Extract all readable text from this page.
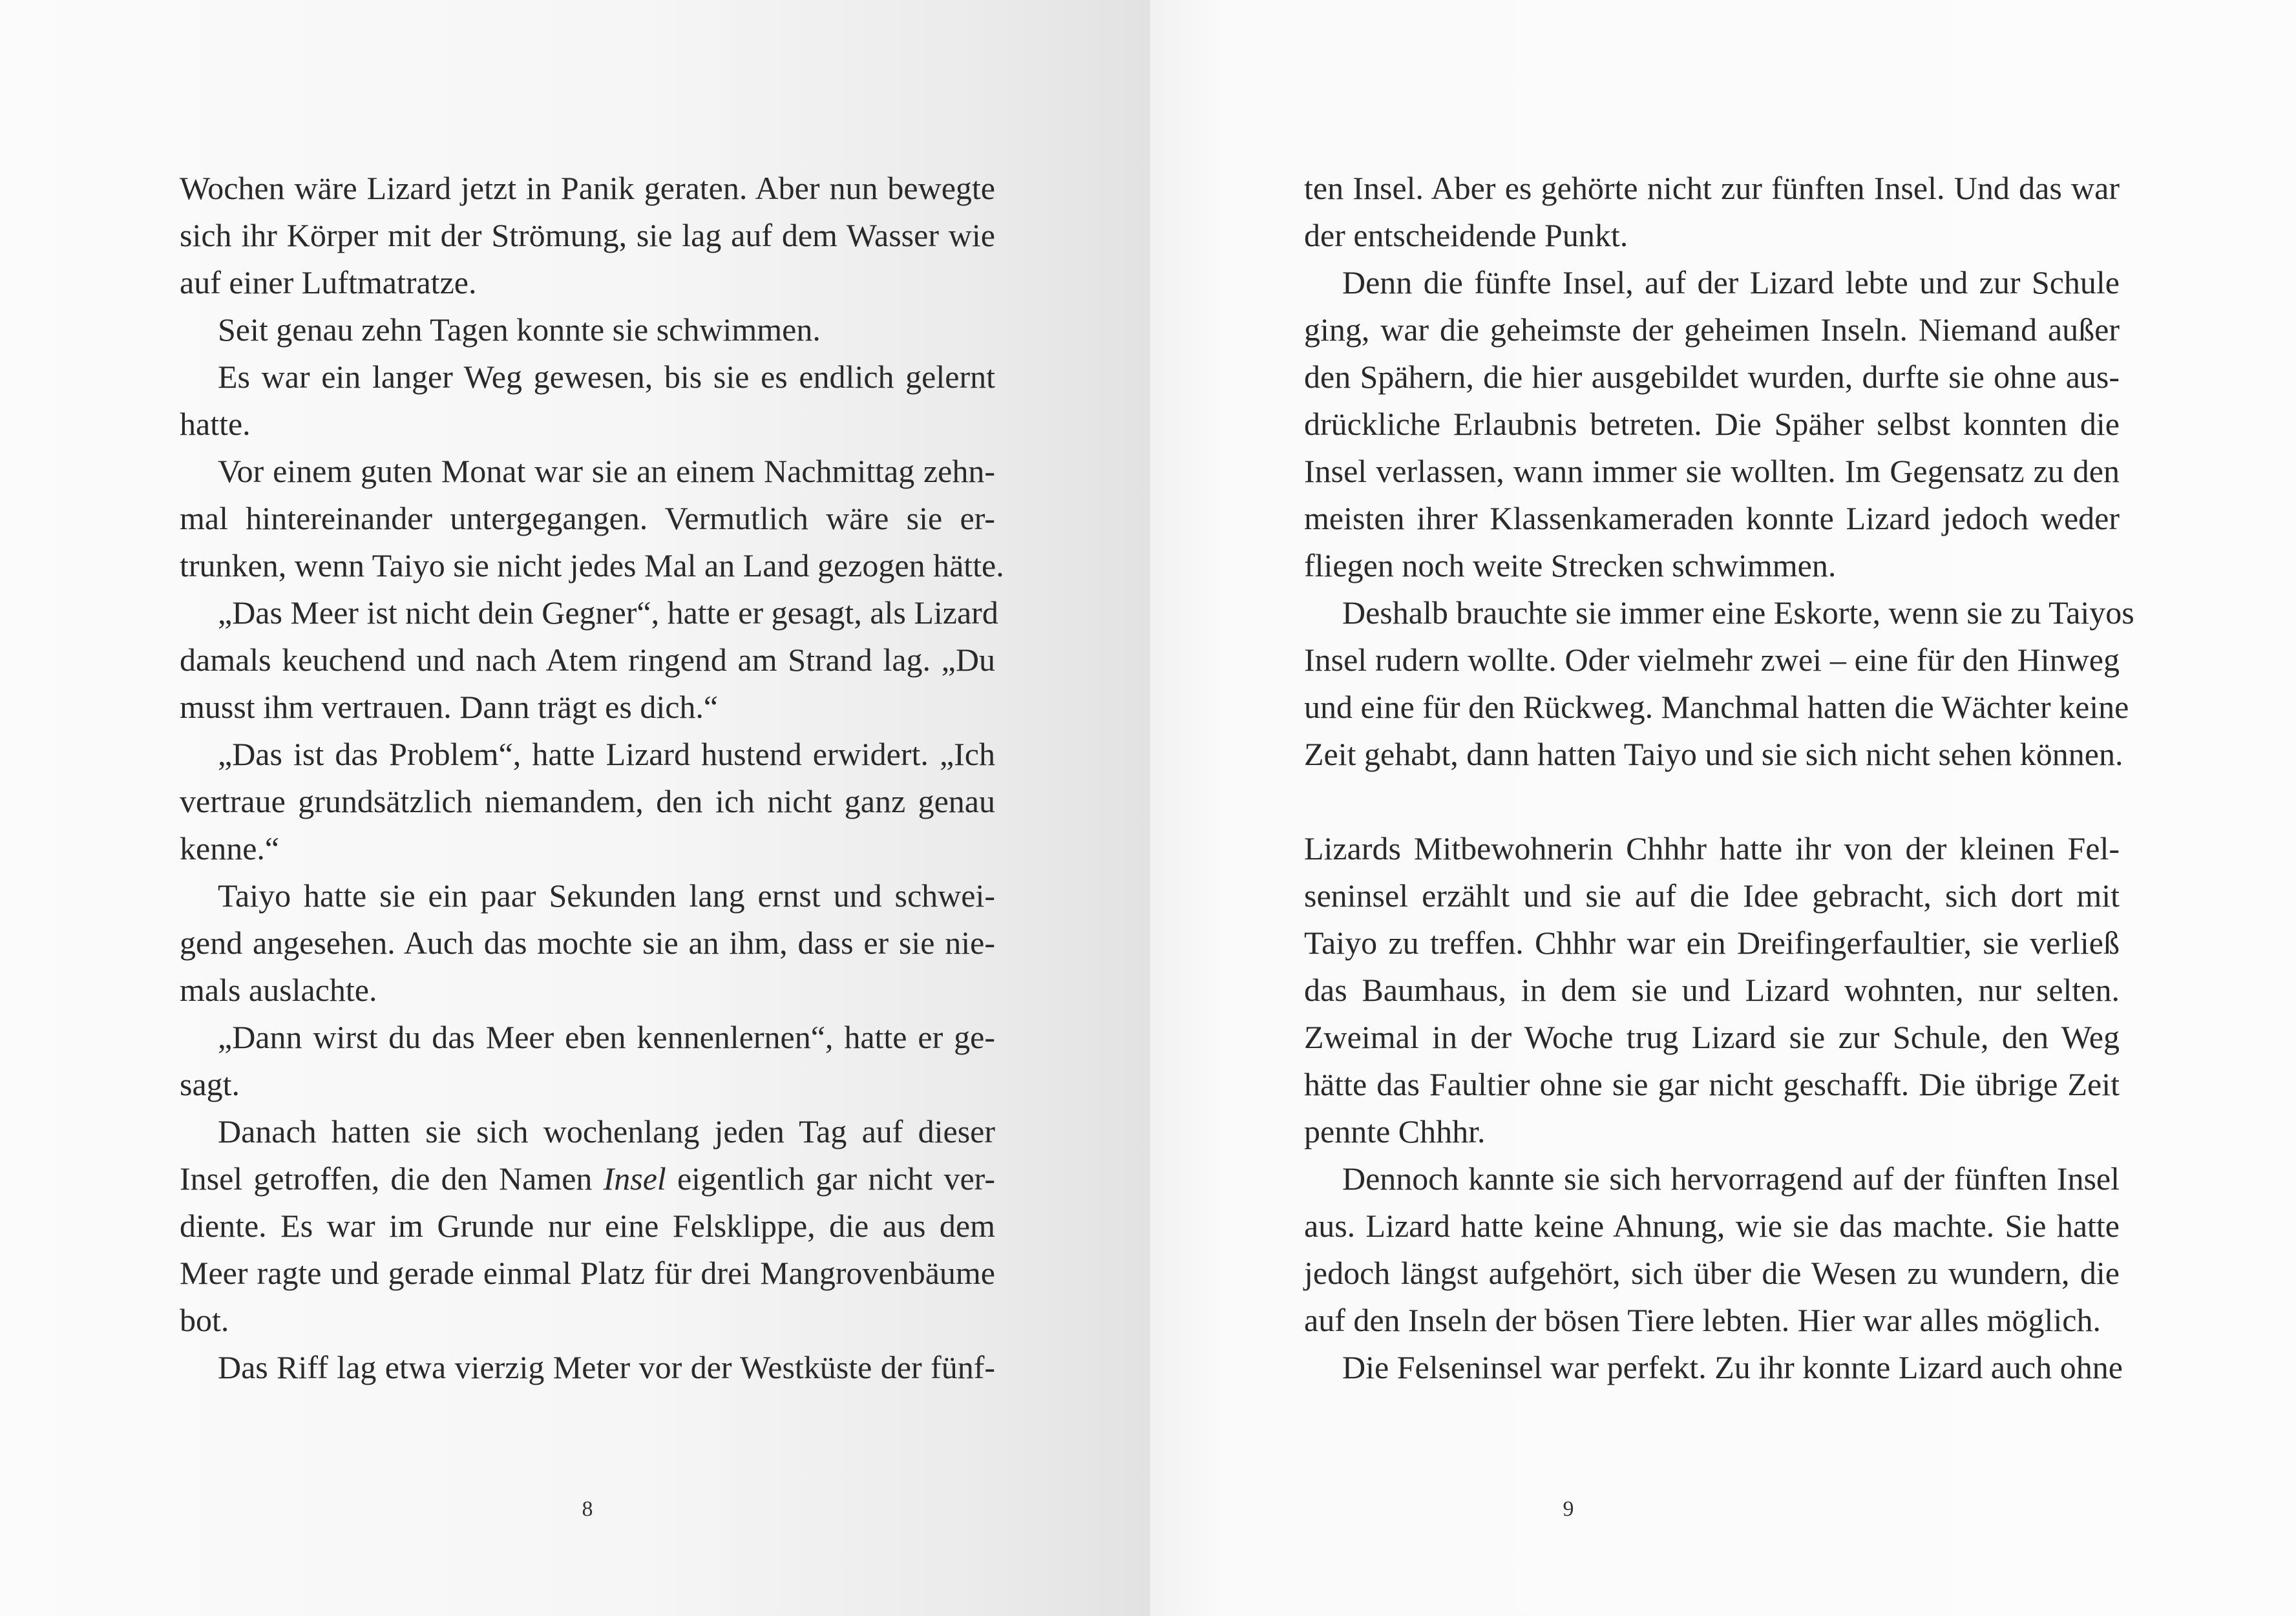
Wochen wäre Lizard jetzt in Panik geraten. Aber nun bewegte
sich ihr Körper mit der Strömung, sie lag auf dem Wasser wie
auf einer Luftmatratze.
Seit genau zehn Tagen konnte sie schwimmen.
Es war ein langer Weg gewesen, bis sie es endlich gelernt
hatte.
Vor einem guten Monat war sie an einem Nachmittag zehn-
mal hintereinander untergegangen. Vermutlich wäre sie er-
trunken, wenn Taiyo sie nicht jedes Mal an Land gezogen hätte.
„Das Meer ist nicht dein Gegner“, hatte er gesagt, als Lizard
damals keuchend und nach Atem ringend am Strand lag. „Du
musst ihm vertrauen. Dann trägt es dich.“
„Das ist das Problem“, hatte Lizard hustend erwidert. „Ich
vertraue grundsätzlich niemandem, den ich nicht ganz genau
kenne.“
Taiyo hatte sie ein paar Sekunden lang ernst und schwei-
gend angesehen. Auch das mochte sie an ihm, dass er sie nie-
mals auslachte.
„Dann wirst du das Meer eben kennenlernen“, hatte er ge-
sagt.
Danach hatten sie sich wochenlang jeden Tag auf dieser
Insel getroffen, die den Namen Insel eigentlich gar nicht ver-
diente. Es war im Grunde nur eine Felsklippe, die aus dem
Meer ragte und gerade einmal Platz für drei Mangrovenbäume
bot.
Das Riff lag etwa vierzig Meter vor der Westküste der fünf-
8
ten Insel. Aber es gehörte nicht zur fünften Insel. Und das war
der entscheidende Punkt.
Denn die fünfte Insel, auf der Lizard lebte und zur Schule
ging, war die geheimste der geheimen Inseln. Niemand außer
den Spähern, die hier ausgebildet wurden, durfte sie ohne aus-
drückliche Erlaubnis betreten. Die Späher selbst konnten die
Insel verlassen, wann immer sie wollten. Im Gegensatz zu den
meisten ihrer Klassenkameraden konnte Lizard jedoch weder
fliegen noch weite Strecken schwimmen.
Deshalb brauchte sie immer eine Eskorte, wenn sie zu Taiyos
Insel rudern wollte. Oder vielmehr zwei – eine für den Hinweg
und eine für den Rückweg. Manchmal hatten die Wächter keine
Zeit gehabt, dann hatten Taiyo und sie sich nicht sehen können.
Lizards Mitbewohnerin Chhhr hatte ihr von der kleinen Fel-
seninsel erzählt und sie auf die Idee gebracht, sich dort mit
Taiyo zu treffen. Chhhr war ein Dreifingerfaultier, sie verließ
das Baumhaus, in dem sie und Lizard wohnten, nur selten.
Zweimal in der Woche trug Lizard sie zur Schule, den Weg
hätte das Faultier ohne sie gar nicht geschafft. Die übrige Zeit
pennte Chhhr.
Dennoch kannte sie sich hervorragend auf der fünften Insel
aus. Lizard hatte keine Ahnung, wie sie das machte. Sie hatte
jedoch längst aufgehört, sich über die Wesen zu wundern, die
auf den Inseln der bösen Tiere lebten. Hier war alles möglich.
Die Felseninsel war perfekt. Zu ihr konnte Lizard auch ohne
9
